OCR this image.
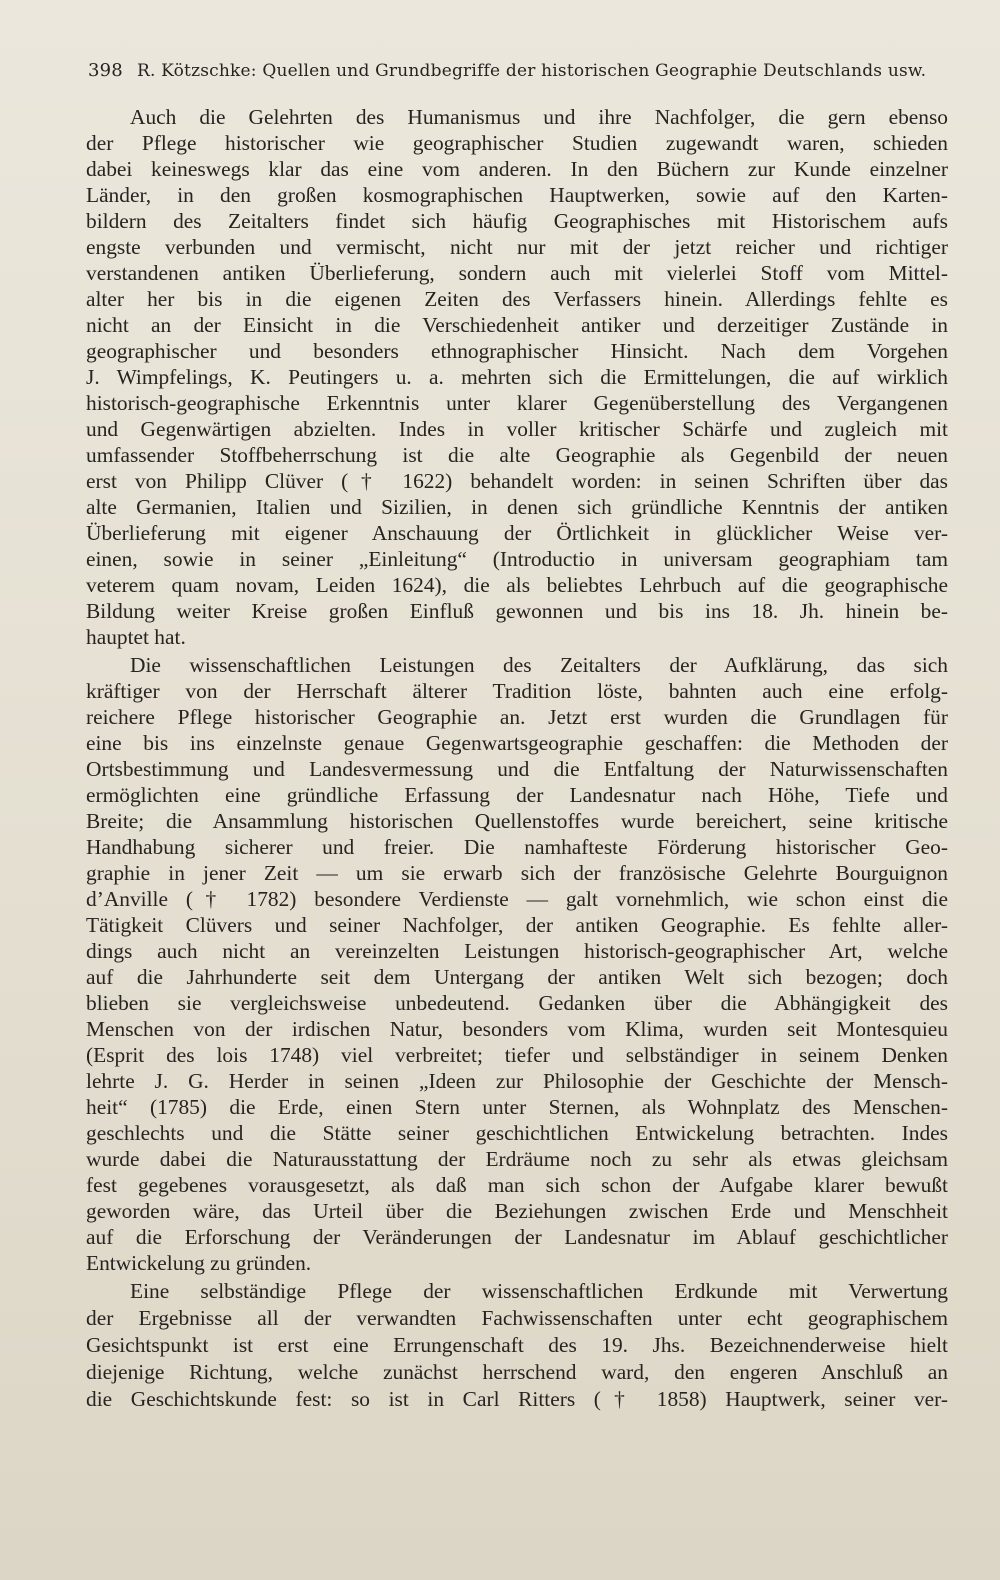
398 R. Kötzschke: Quellen und Grundbegriffe der historischen Geographie Deutschlands usw.
Auch die Gelehrten des Humanismus und ihre Nachfolger, die gern ebenso
der Pflege historischer wie geographischer Studien zugewandt waren, schieden
dabei keineswegs klar das eine vom anderen. In den Büchern zur Kunde einzelner
Länder, in den großen kosmographischen Hauptwerken, sowie auf den Karten-
bildern des Zeitalters findet sich häufig Geographisches mit Historischem aufs
engste verbunden und vermischt, nicht nur mit der jetzt reicher und richtiger
verstandenen antiken Überlieferung, sondern auch mit vielerlei Stoff vom Mittel-
alter her bis in die eigenen Zeiten des Verfassers hinein. Allerdings fehlte es
nicht an der Einsicht in die Verschiedenheit antiker und derzeitiger Zustände in
geographischer und besonders ethnographischer Hinsicht. Nach dem Vorgehen
J. Wimpfelings, K. Peutingers u. a. mehrten sich die Ermittelungen, die auf wirklich
historisch-geographische Erkenntnis unter klarer Gegenüberstellung des Vergangenen
und Gegenwärtigen abzielten. Indes in voller kritischer Schärfe und zugleich mit
umfassender Stoffbeherrschung ist die alte Geographie als Gegenbild der neuen
erst von Philipp Clüver († 1622) behandelt worden: in seinen Schriften über das
alte Germanien, Italien und Sizilien, in denen sich gründliche Kenntnis der antiken
Überlieferung mit eigener Anschauung der Örtlichkeit in glücklicher Weise ver-
einen, sowie in seiner „Einleitung“ (Introductio in universam geographiam tam
veterem quam novam, Leiden 1624), die als beliebtes Lehrbuch auf die geographische
Bildung weiter Kreise großen Einfluß gewonnen und bis ins 18. Jh. hinein be-
hauptet hat.
Die wissenschaftlichen Leistungen des Zeitalters der Aufklärung, das sich
kräftiger von der Herrschaft älterer Tradition löste, bahnten auch eine erfolg-
reichere Pflege historischer Geographie an. Jetzt erst wurden die Grundlagen für
eine bis ins einzelnste genaue Gegenwartsgeographie geschaffen: die Methoden der
Ortsbestimmung und Landesvermessung und die Entfaltung der Naturwissenschaften
ermöglichten eine gründliche Erfassung der Landesnatur nach Höhe, Tiefe und
Breite; die Ansammlung historischen Quellenstoffes wurde bereichert, seine kritische
Handhabung sicherer und freier. Die namhafteste Förderung historischer Geo-
graphie in jener Zeit — um sie erwarb sich der französische Gelehrte Bourguignon
d’Anville († 1782) besondere Verdienste — galt vornehmlich, wie schon einst die
Tätigkeit Clüvers und seiner Nachfolger, der antiken Geographie. Es fehlte aller-
dings auch nicht an vereinzelten Leistungen historisch-geographischer Art, welche
auf die Jahrhunderte seit dem Untergang der antiken Welt sich bezogen; doch
blieben sie vergleichsweise unbedeutend. Gedanken über die Abhängigkeit des
Menschen von der irdischen Natur, besonders vom Klima, wurden seit Montesquieu
(Esprit des lois 1748) viel verbreitet; tiefer und selbständiger in seinem Denken
lehrte J. G. Herder in seinen „Ideen zur Philosophie der Geschichte der Mensch-
heit“ (1785) die Erde, einen Stern unter Sternen, als Wohnplatz des Menschen-
geschlechts und die Stätte seiner geschichtlichen Entwickelung betrachten. Indes
wurde dabei die Naturausstattung der Erdräume noch zu sehr als etwas gleichsam
fest gegebenes vorausgesetzt, als daß man sich schon der Aufgabe klarer bewußt
geworden wäre, das Urteil über die Beziehungen zwischen Erde und Menschheit
auf die Erforschung der Veränderungen der Landesnatur im Ablauf geschichtlicher
Entwickelung zu gründen.
Eine selbständige Pflege der wissenschaftlichen Erdkunde mit Verwertung
der Ergebnisse all der verwandten Fachwissenschaften unter echt geographischem
Gesichtspunkt ist erst eine Errungenschaft des 19. Jhs. Bezeichnenderweise hielt
diejenige Richtung, welche zunächst herrschend ward, den engeren Anschluß an
die Geschichtskunde fest: so ist in Carl Ritters († 1858) Hauptwerk, seiner ver-
